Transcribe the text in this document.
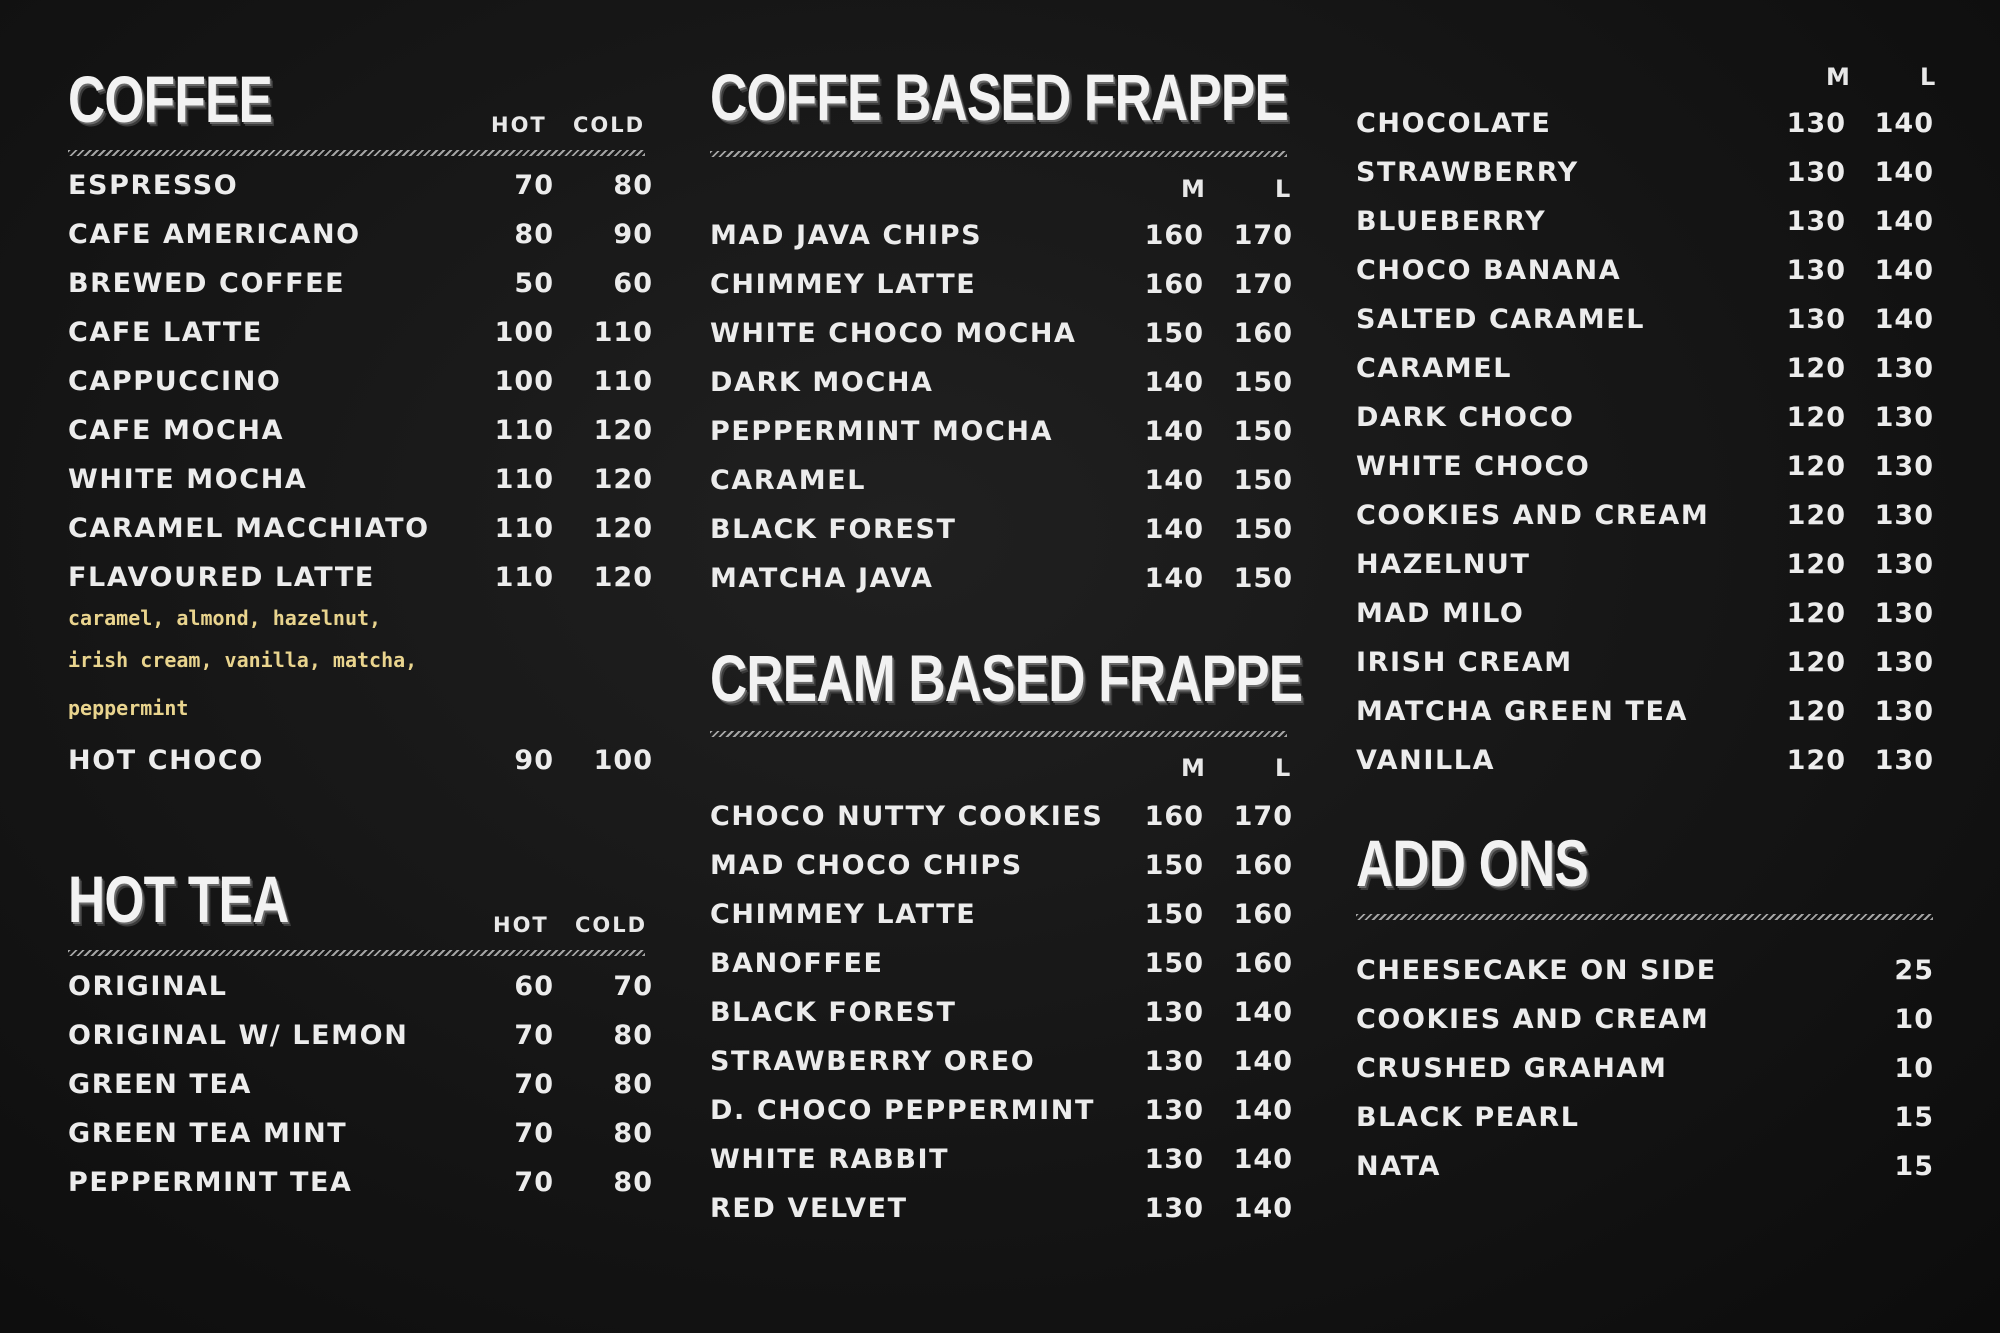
COFFEE	HOT COLD
ESPRESSO	70 80
CAFE AMERICANO	80 90
BREWED COFFEE	50 60
CAFE LATTE	100 110
CAPPUCCINO	100 110
CAFE MOCHA	110 120
WHITE MOCHA	110 120
CARAMEL MACCHIATO 110 120
FLAVOURED LATTE	110 120
caramel, almond, hazelnut,
irish cream, vanilla, matcha,
peppermint
HOT CHOCO	90 100
HOT TEA	HOT COLD
ORIGINAL	60 70
ORIGINAL W/ LEMON	70 80
GREEN TEA	70 80
GREEN TEA MINT	70 80
PEPPERMINT TEA	70 80
COFFE BASED FRAPPE
M	L
MAD JAVA CHIPS	160 170
CHIMMEY LATTE	160 170
WHITE CHOCO MOCHA	150 160
DARK MOCHA	140 150
PEPPERMINT MOCHA	140 150
CARAMEL	140 150
BLACK FOREST	140 150
MATCHA JAVA	140 150
CREAM BASED FRAPPE
M	L
CHOCO NUTTY COOKIES 160 170
MAD CHOCO CHIPS	150 160
CHIMMEY LATTE	150 160
BANOFFEE	150 160
BLACK FOREST	130 140
STRAWBERRY OREO	130 140
D. CHOCO PEPPERMINT 130 140
WHITE RABBIT	130 140
RED VELVET	130 140
M	L
CHOCOLATE	130 140
STRAWBERRY	130 140
BLUEBERRY	130 140
CHOCO BANANA	130 140
SALTED CARAMEL	130 140
CARAMEL	120 130
DARK CHOCO	120 130
WHITE CHOCO	120 130
COOKIES AND CREAM	120 130
HAZELNUT	120 130
MAD MILO	120 130
IRISH CREAM	120 130
MATCHA GREEN TEA	120 130
VANILLA	120 130
ADD ONS
CHEESECAKE ON SIDE	25
COOKIES AND CREAM	10
CRUSHED GRAHAM	10
BLACK PEARL	15
NATA	15
